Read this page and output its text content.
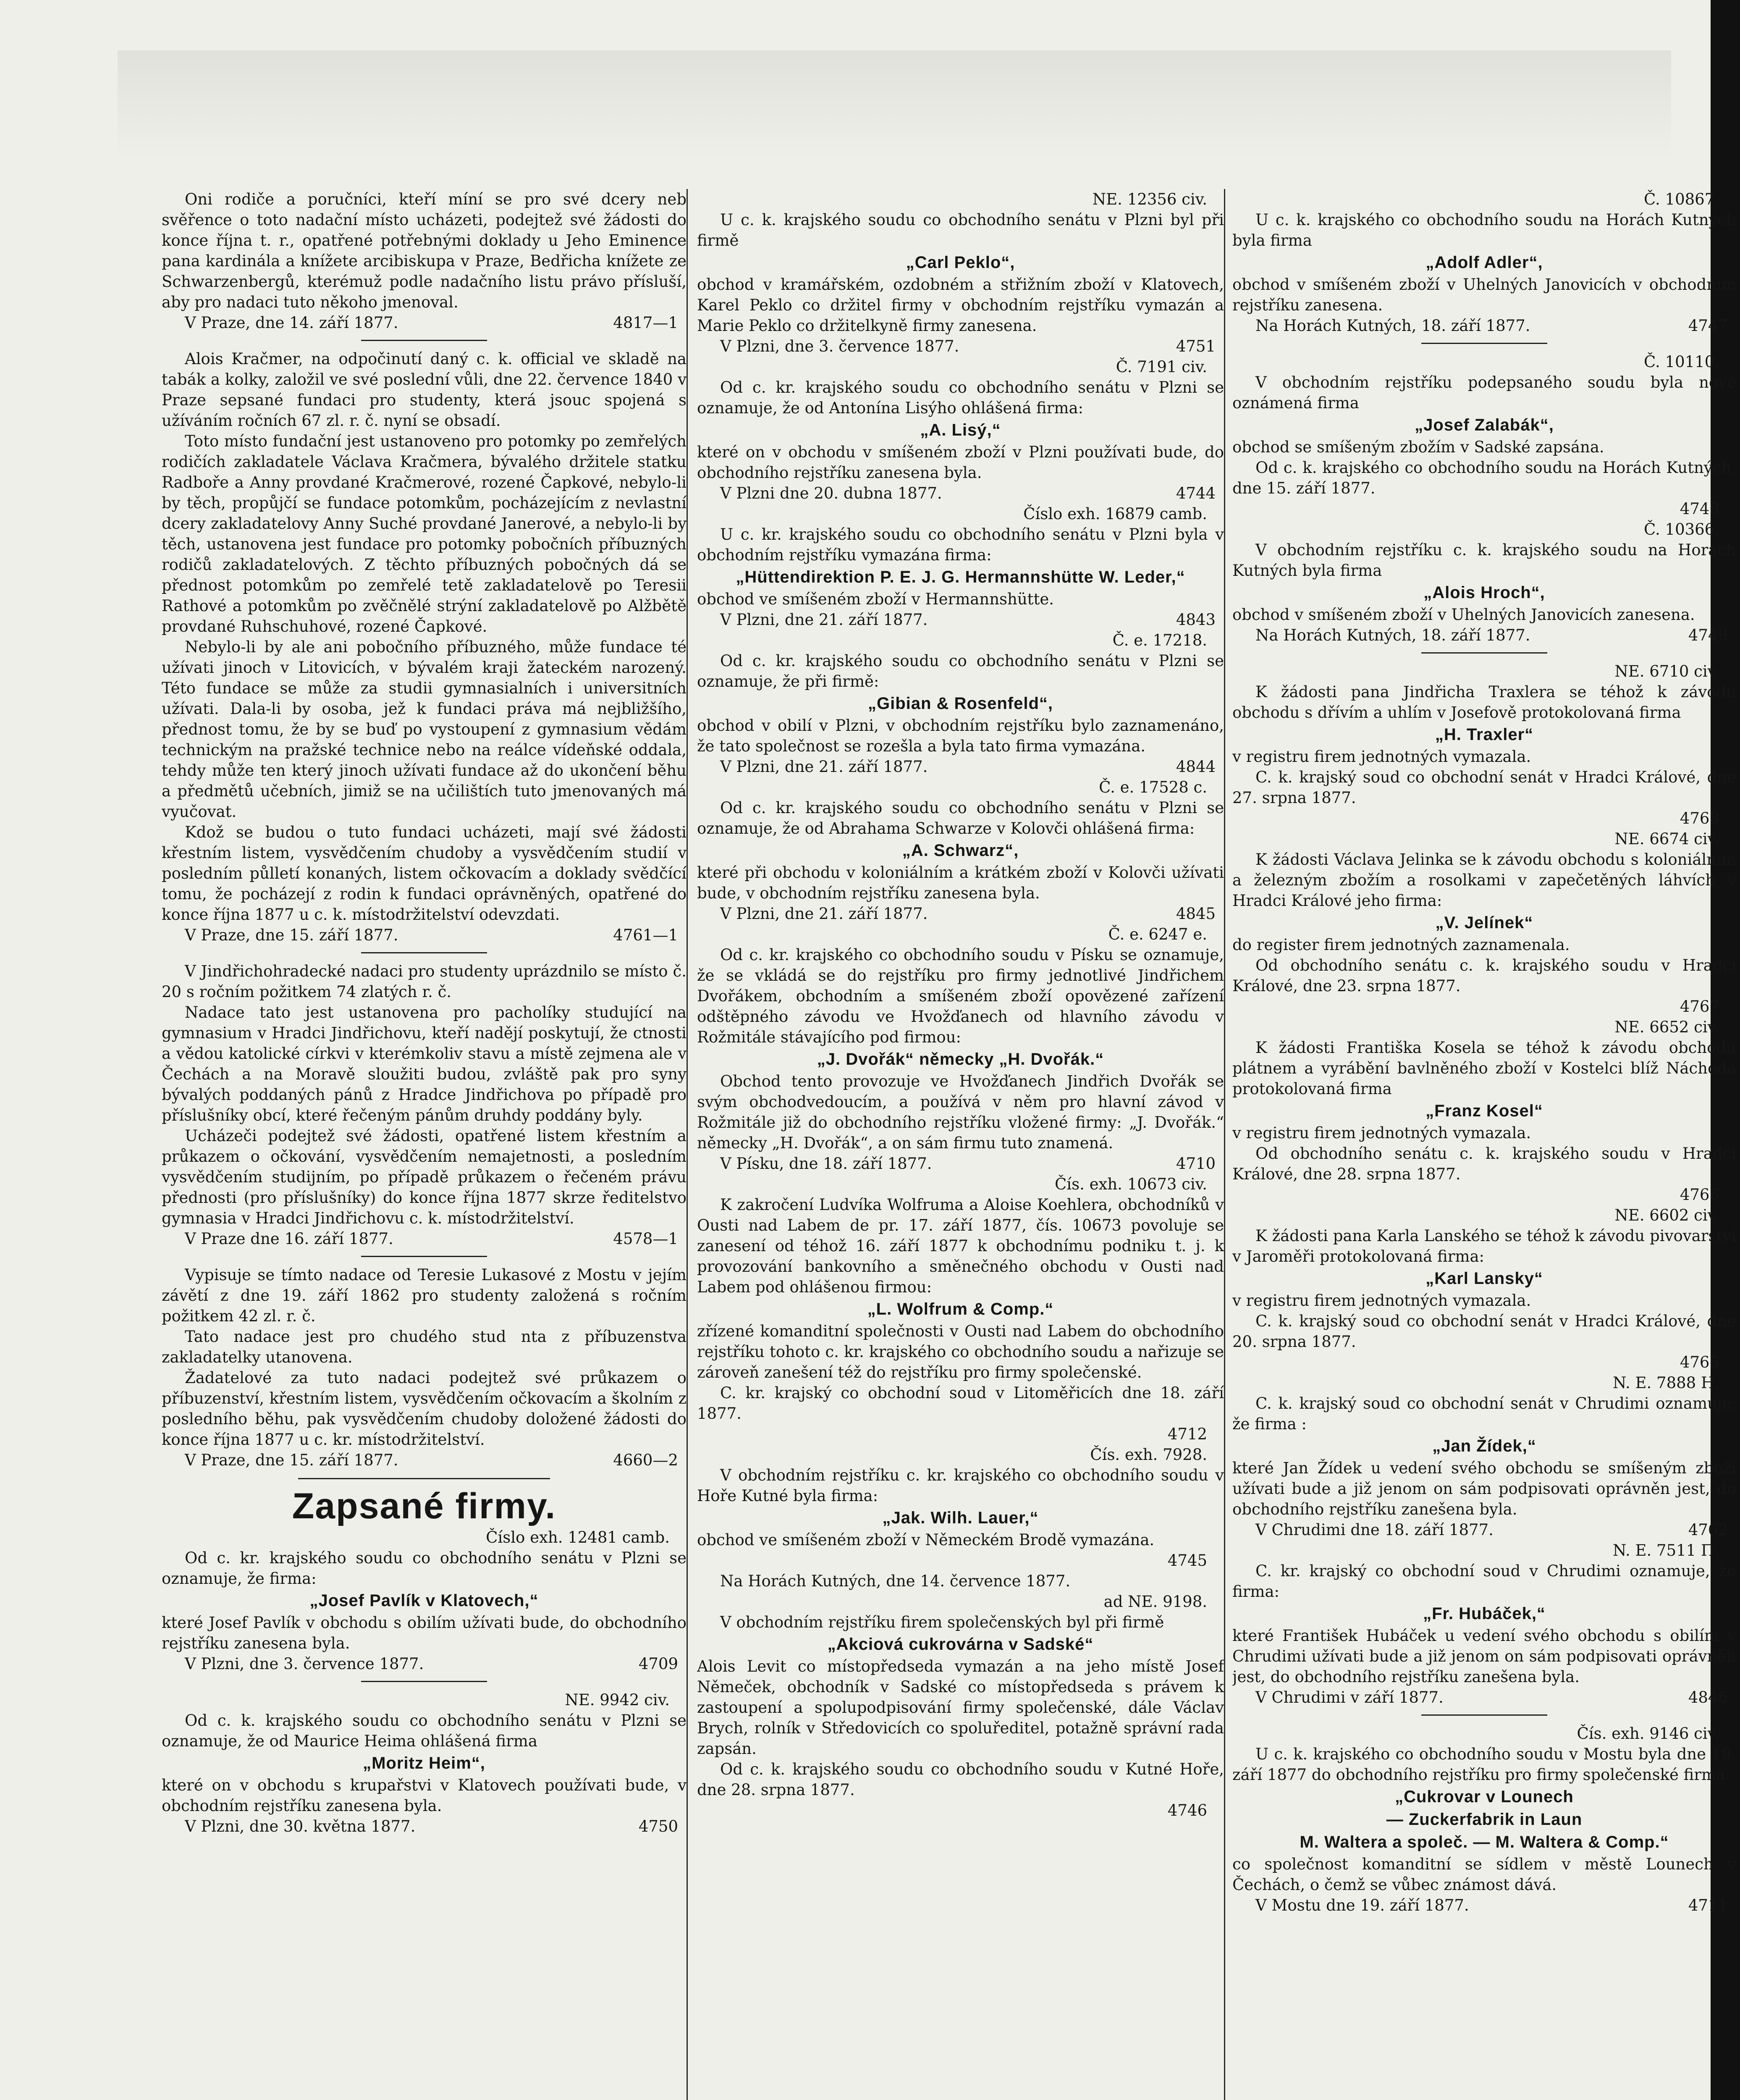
Oni rodiče a poručníci, kteří míní se pro své dcery neb svěřence o toto nadační místo ucházeti, podejtež své žádosti do konce října t. r., opatřené potřebnými doklady u Jeho Eminence pana kardinála a knížete arcibiskupa v Praze, Bedřicha knížete ze Schwarzenbergů, kterémuž podle nadačního listu právo přísluší, aby pro nadaci tuto někoho jmenoval.

V Praze, dne 14. září 1877.	4817—1

Alois Kračmer, na odpočinutí daný c. k. official ve skladě na tabák a kolky, založil ve své poslední vůli, dne 22. července 1840 v Praze sepsané fundaci pro studenty, která jsouc spojená s užíváním ročních 67 zl. r. č. nyní se obsadí.

Toto místo fundační jest ustanoveno pro potomky po zemřelých rodičích zakladatele Václava Kračmera, bývalého držitele statku Radboře a Anny provdané Kračmerové, rozené Čapkové, nebylo-li by těch, propůjčí se fundace potomkům, pocházejícím z nevlastní dcery zakladatelovy Anny Suché provdané Janerové, a nebylo-li by těch, ustanovena jest fundace pro potomky pobočních příbuzných rodičů zakladatelových. Z těchto příbuzných pobočných dá se přednost potomkům po zemřelé tetě zakladatelově po Teresii Rathové a potomkům po zvěčnělé strýní zakladatelově po Alžbětě provdané Ruhschuhové, rozené Čapkové.

Nebylo-li by ale ani pobočního příbuzného, může fundace té užívati jinoch v Litovicích, v bývalém kraji žateckém narozený. Této fundace se může za studii gymnasialních i universitních užívati. Dala-li by osoba, jež k fundaci práva má nejbližšího, přednost tomu, že by se buď po vystoupení z gymnasium vědám technickým na pražské technice nebo na reálce vídeňské oddala, tehdy může ten který jinoch užívati fundace až do ukončení běhu a předmětů učebních, jimiž se na učilištích tuto jmenovaných má vyučovat.

Kdož se budou o tuto fundaci ucházeti, mají své žádosti křestním listem, vysvědčením chudoby a vysvědčením studií v posledním půlletí konaných, listem očkovacím a doklady svědčící tomu, že pocházejí z rodin k fundaci oprávněných, opatřené do konce října 1877 u c. k. místodržitelství odevzdati.

V Praze, dne 15. září 1877.	4761—1

V Jindřichohradecké nadaci pro studenty uprázdnilo se místo č. 20 s ročním požitkem 74 zlatých r. č.

Nadace tato jest ustanovena pro pacholíky studující na gymnasium v Hradci Jindřichovu, kteří nadějí poskytují, že ctnosti a vědou katolické církvi v kterémkoliv stavu a místě zejmena ale v Čechách a na Moravě sloužiti budou, zvláště pak pro syny bývalých poddaných pánů z Hradce Jindřichova po případě pro příslušníky obcí, které řečeným pánům druhdy poddány byly.

Ucházeči podejtež své žádosti, opatřené listem křestním a průkazem o očkování, vysvědčením nemajetnosti, a posledním vysvědčením studijním, po případě průkazem o řečeném právu přednosti (pro příslušníky) do konce října 1877 skrze ředitelstvo gymnasia v Hradci Jindřichovu c. k. místodržitelství.

V Praze dne 16. září 1877.	4578—1

Vypisuje se tímto nadace od Teresie Lukasové z Mostu v jejím závětí z dne 19. září 1862 pro studenty založená s ročním požitkem 42 zl. r. č.

Tato nadace jest pro chudého stud nta z příbuzenstva zakladatelky utanovena.

Žadatelové za tuto nadaci podejtež své průkazem o příbuzenství, křestním listem, vysvědčením očkovacím a školním z posledního běhu, pak vysvědčením chudoby doložené žádosti do konce října 1877 u c. kr. místodržitelství.

V Praze, dne 15. září 1877.	4660—2
Zapsané firmy.

Číslo exh. 12481 camb.

Od c. kr. krajského soudu co obchodního senátu v Plzni se oznamuje, že firma:

„Josef Pavlík v Klatovech,“

které Josef Pavlík v obchodu s obilím užívati bude, do obchodního rejstříku zanesena byla.

V Plzni, dne 3. července 1877.	4709

NE. 9942 civ.

Od c. k. krajského soudu co obchodního senátu v Plzni se oznamuje, že od Maurice Heima ohlášená firma

„Moritz Heim“,

které on v obchodu s krupařstvi v Klatovech používati bude, v obchodním rejstříku zanesena byla.

V Plzni, dne 30. května 1877.	4750

NE. 12356 civ.

U c. k. krajského soudu co obchodního senátu v Plzni byl při firmě

„Carl Peklo“,

obchod v kramářském, ozdobném a střižním zboží v Klatovech, Karel Peklo co držitel firmy v obchodním rejstříku vymazán a Marie Peklo co držitelkyně firmy zanesena.

V Plzni, dne 3. července 1877.	4751

Č. 7191 civ.

Od c. kr. krajského soudu co obchodního senátu v Plzni se oznamuje, že od Antonína Lisýho ohlášená firma:

„A. Lisý,“

které on v obchodu v smíšeném zboží v Plzni používati bude, do obchodního rejstříku zanesena byla.

V Plzni dne 20. dubna 1877.	4744

Číslo exh. 16879 camb.

U c. kr. krajského soudu co obchodního senátu v Plzni byla v obchodním rejstříku vymazána firma:

„Hüttendirektion P. E. J. G. Hermannshütte W. Leder,“

obchod ve smíšeném zboží v Hermannshütte.

V Plzni, dne 21. září 1877.	4843

Č. e. 17218.

Od c. kr. krajského soudu co obchodního senátu v Plzni se oznamuje, že při firmě:

„Gibian & Rosenfeld“,

obchod v obilí v Plzni, v obchodním rejstříku bylo zaznamenáno, že tato společnost se rozešla a byla tato firma vymazána.

V Plzni, dne 21. září 1877.	4844

Č. e. 17528 c.

Od c. kr. krajského soudu co obchodního senátu v Plzni se oznamuje, že od Abrahama Schwarze v Kolovči ohlášená firma:

„A. Schwarz“,

které při obchodu v koloniálním a krátkém zboží v Kolovči užívati bude, v obchodním rejstříku zanesena byla.

V Plzni, dne 21. září 1877.	4845

Č. e. 6247 e.

Od c. kr. krajského co obchodního soudu v Písku se oznamuje, že se vkládá se do rejstříku pro firmy jednotlivé Jindřichem Dvořákem, obchodním a smíšeném zboží opovězené zařízení odštěpného závodu ve Hvožďanech od hlavního závodu v Rožmitále stávajícího pod firmou:

„J. Dvořák“ německy „H. Dvořák.“

Obchod tento provozuje ve Hvožďanech Jindřich Dvořák se svým obchodvedoucím, a používá v něm pro hlavní závod v Rožmitále již do obchodního rejstříku vložené firmy: „J. Dvořák.“ německy „H. Dvořák“, a on sám firmu tuto znamená.

V Písku, dne 18. září 1877.	4710

Čís. exh. 10673 civ.

K zakročení Ludvíka Wolfruma a Aloise Koehlera, obchodníků v Ousti nad Labem de pr. 17. září 1877, čís. 10673 povoluje se zanesení od téhož 16. září 1877 k obchodnímu podniku t. j. k provozování bankovního a směnečného obchodu v Ousti nad Labem pod ohlášenou firmou:

„L. Wolfrum & Comp.“

zřízené komanditní společnosti v Ousti nad Labem do obchodního rejstříku tohoto c. kr. krajského co obchodního soudu a nařizuje se zároveň zanešení též do rejstříku pro firmy společenské.

C. kr. krajský co obchodní soud v Litoměřicích dne 18. září 1877.

4712

Čís. exh. 7928.

V obchodním rejstříku c. kr. krajského co obchodního soudu v Hoře Kutné byla firma:

„Jak. Wilh. Lauer,“

obchod ve smíšeném zboží v Německém Brodě vymazána.

4745

Na Horách Kutných, dne 14. července 1877.

ad NE. 9198.

V obchodním rejstříku firem společenských byl při firmě

„Akciová cukrovárna v Sadské“

Alois Levit co místopředseda vymazán a na jeho místě Josef Němeček, obchodník v Sadské co místopředseda s právem k zastoupení a spolupodpisování firmy společenské, dále Václav Brych, rolník v Středovicích co spoluředitel, potažně správní rada zapsán.

Od c. k. krajského soudu co obchodního soudu v Kutné Hoře, dne 28. srpna 1877.

4746

Č. 10867.

U c. k. krajského co obchodního soudu na Horách Kutných byla firma

„Adolf Adler“,

obchod v smíšeném zboží v Uhelných Janovicích v obchodním rejstříku zanesena.

Na Horách Kutných, 18. září 1877.	4747

Č. 10110.

V obchodním rejstříku podepsaného soudu byla nově oznámená firma

„Josef Zalabák“,

obchod se smíšeným zbožím v Sadské zapsána.

Od c. k. krajského co obchodního soudu na Horách Kutných, dne 15. září 1877.

4748

Č. 10366.

V obchodním rejstříku c. k. krajského soudu na Horách Kutných byla firma

„Alois Hroch“,

obchod v smíšeném zboží v Uhelných Janovicích zanesena.

Na Horách Kutných, 18. září 1877.	4749

NE. 6710 civ.

K žádosti pana Jindřicha Traxlera se téhož k závodu obchodu s dřívím a uhlím v Josefově protokolovaná firma

„H. Traxler“

v registru firem jednotných vymazala.

C. k. krajský soud co obchodní senát v Hradci Králové, dne 27. srpna 1877.

4768

NE. 6674 civ.

K žádosti Václava Jelinka se k závodu obchodu s koloniálním a železným zbožím a rosolkami v zapečetěných láhvích v Hradci Králové jeho firma:

„V. Jelínek“

do register firem jednotných zaznamenala.

Od obchodního senátu c. k. krajského soudu v Hradci Králové, dne 23. srpna 1877.

4767

NE. 6652 civ.

K žádosti Františka Kosela se téhož k závodu obchodu plátnem a vyrábění bavlněného zboží v Kostelci blíž Náchoda protokolovaná firma

„Franz Kosel“

v registru firem jednotných vymazala.

Od obchodního senátu c. k. krajského soudu v Hradci Králové, dne 28. srpna 1877.

4766

NE. 6602 civ.

K žádosti pana Karla Lanského se téhož k závodu pivovarství v Jaroměři protokolovaná firma:

„Karl Lansky“

v registru firem jednotných vymazala.

C. k. krajský soud co obchodní senát v Hradci Králové, dne 20. srpna 1877.

4765

N. E. 7888 H.

C. k. krajský soud co obchodní senát v Chrudimi oznamuje, že firma :

„Jan Žídek,“

které Jan Žídek u vedení svého obchodu se smíšeným zboží užívati bude a již jenom on sám podpisovati oprávněn jest, do obchodního rejstříku zanešena byla.

V Chrudimi dne 18. září 1877.	4762

N. E. 7511 П.

C. kr. krajský co obchodní soud v Chrudimi oznamuje, že firma:

„Fr. Hubáček,“

které František Hubáček u vedení svého obchodu s obilím v Chrudimi užívati bude a již jenom on sám podpisovati oprávněn jest, do obchodního rejstříku zanešena byla.

V Chrudimi v září 1877.	4846

Čís. exh. 9146 civ.

U c. k. krajského co obchodního soudu v Mostu byla dne 19. září 1877 do obchodního rejstříku pro firmy společenské firma:

„Cukrovar v Lounech

— Zuckerfabrik in Laun

M. Waltera a společ. — M. Waltera & Comp.“

co společnost komanditní se sídlem v městě Lounech v Čechách, o čemž se vůbec známost dává.

V Mostu dne 19. září 1877.	4711
